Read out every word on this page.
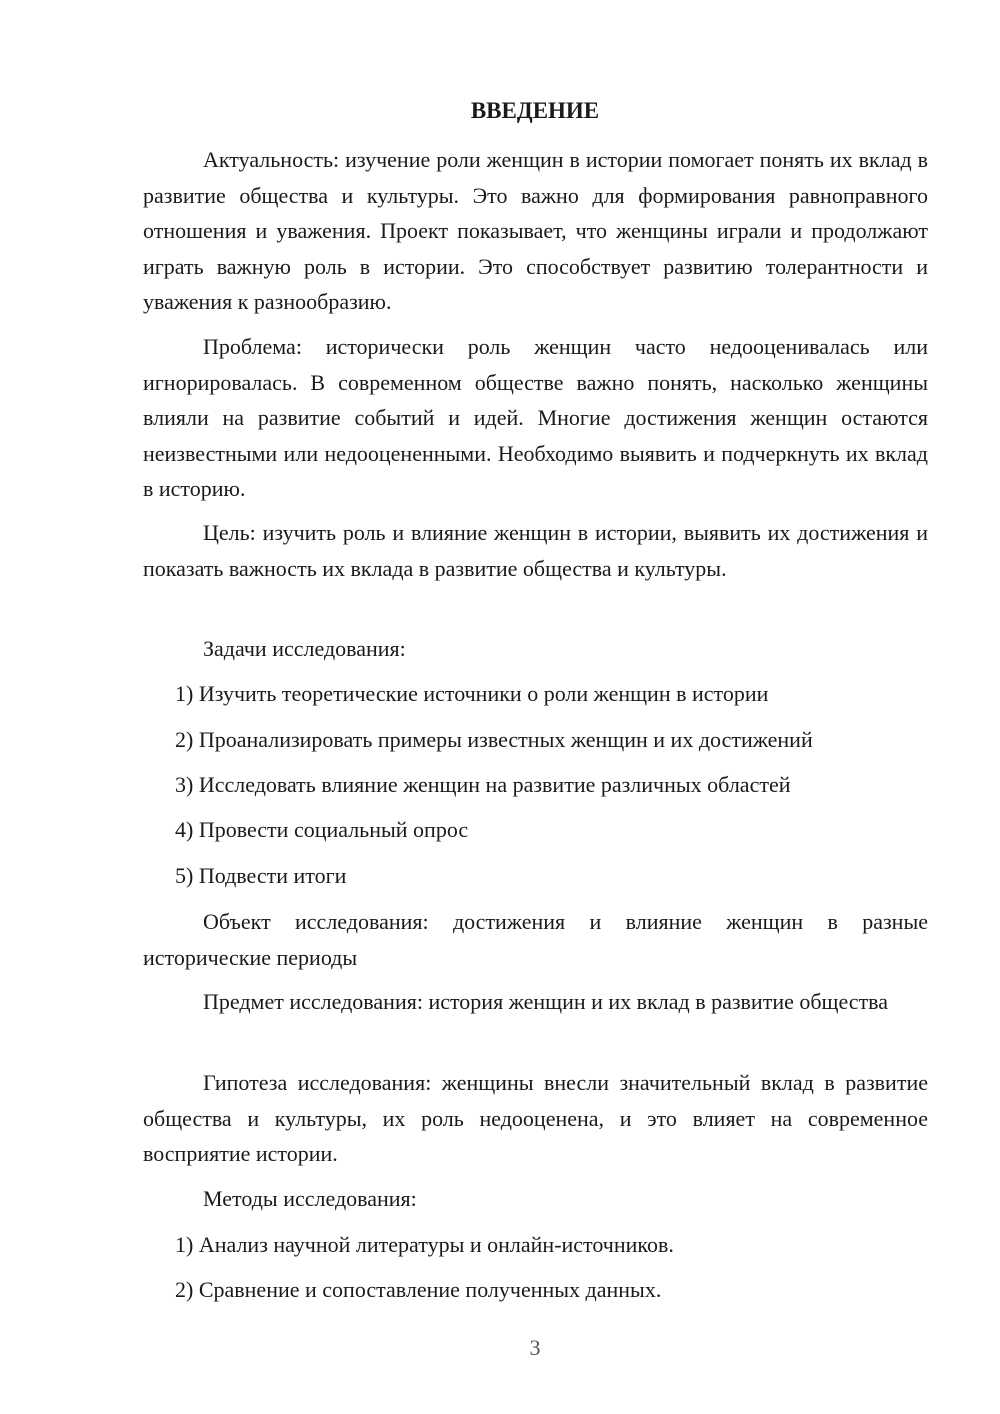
ВВЕДЕНИЕ

Актуальность: изучение роли женщин в истории помогает понять их вклад в развитие общества и культуры. Это важно для формирования равноправного отношения и уважения. Проект показывает, что женщины играли и продолжают играть важную роль в истории. Это способствует развитию толерантности и уважения к разнообразию.

Проблема: исторически роль женщин часто недооценивалась или игнорировалась. В современном обществе важно понять, насколько женщины влияли на развитие событий и идей. Многие достижения женщин остаются неизвестными или недооцененными. Необходимо выявить и подчеркнуть их вклад в историю.

Цель: изучить роль и влияние женщин в истории, выявить их достижения и показать важность их вклада в развитие общества и культуры.

Задачи исследования:

1) Изучить теоретические источники о роли женщин в истории
2) Проанализировать примеры известных женщин и их достижений
3) Исследовать влияние женщин на развитие различных областей
4) Провести социальный опрос
5) Подвести итоги

Объект исследования: достижения и влияние женщин в разные исторические периоды

Предмет исследования: история женщин и их вклад в развитие общества

Гипотеза исследования: женщины внесли значительный вклад в развитие общества и культуры, их роль недооценена, и это влияет на современное восприятие истории.

Методы исследования:

1) Анализ научной литературы и онлайн-источников.
2) Сравнение и сопоставление полученных данных.
3
